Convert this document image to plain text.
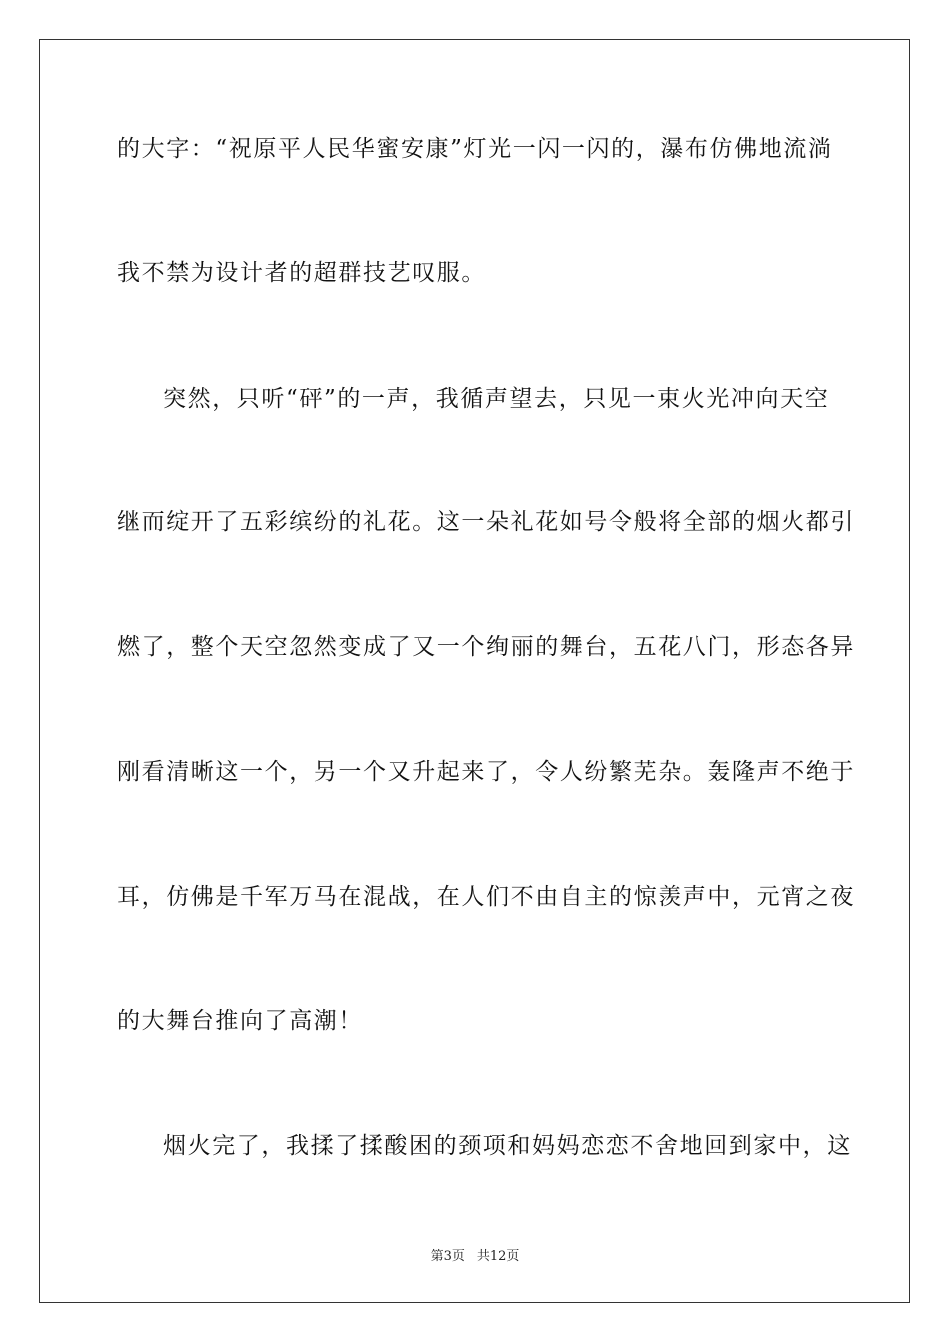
的大字：“祝原平人民华蜜安康”灯光一闪一闪的，瀑布仿佛地流淌
我不禁为设计者的超群技艺叹服。
突然，只听“砰”的一声，我循声望去，只见一束火光冲向天空
继而绽开了五彩缤纷的礼花。这一朵礼花如号令般将全部的烟火都引
燃了，整个天空忽然变成了又一个绚丽的舞台，五花八门，形态各异
刚看清晰这一个，另一个又升起来了，令人纷繁芜杂。轰隆声不绝于
耳，仿佛是千军万马在混战，在人们不由自主的惊羡声中，元宵之夜
的大舞台推向了高潮！
烟火完了，我揉了揉酸困的颈项和妈妈恋恋不舍地回到家中，这
第3页 共12页
